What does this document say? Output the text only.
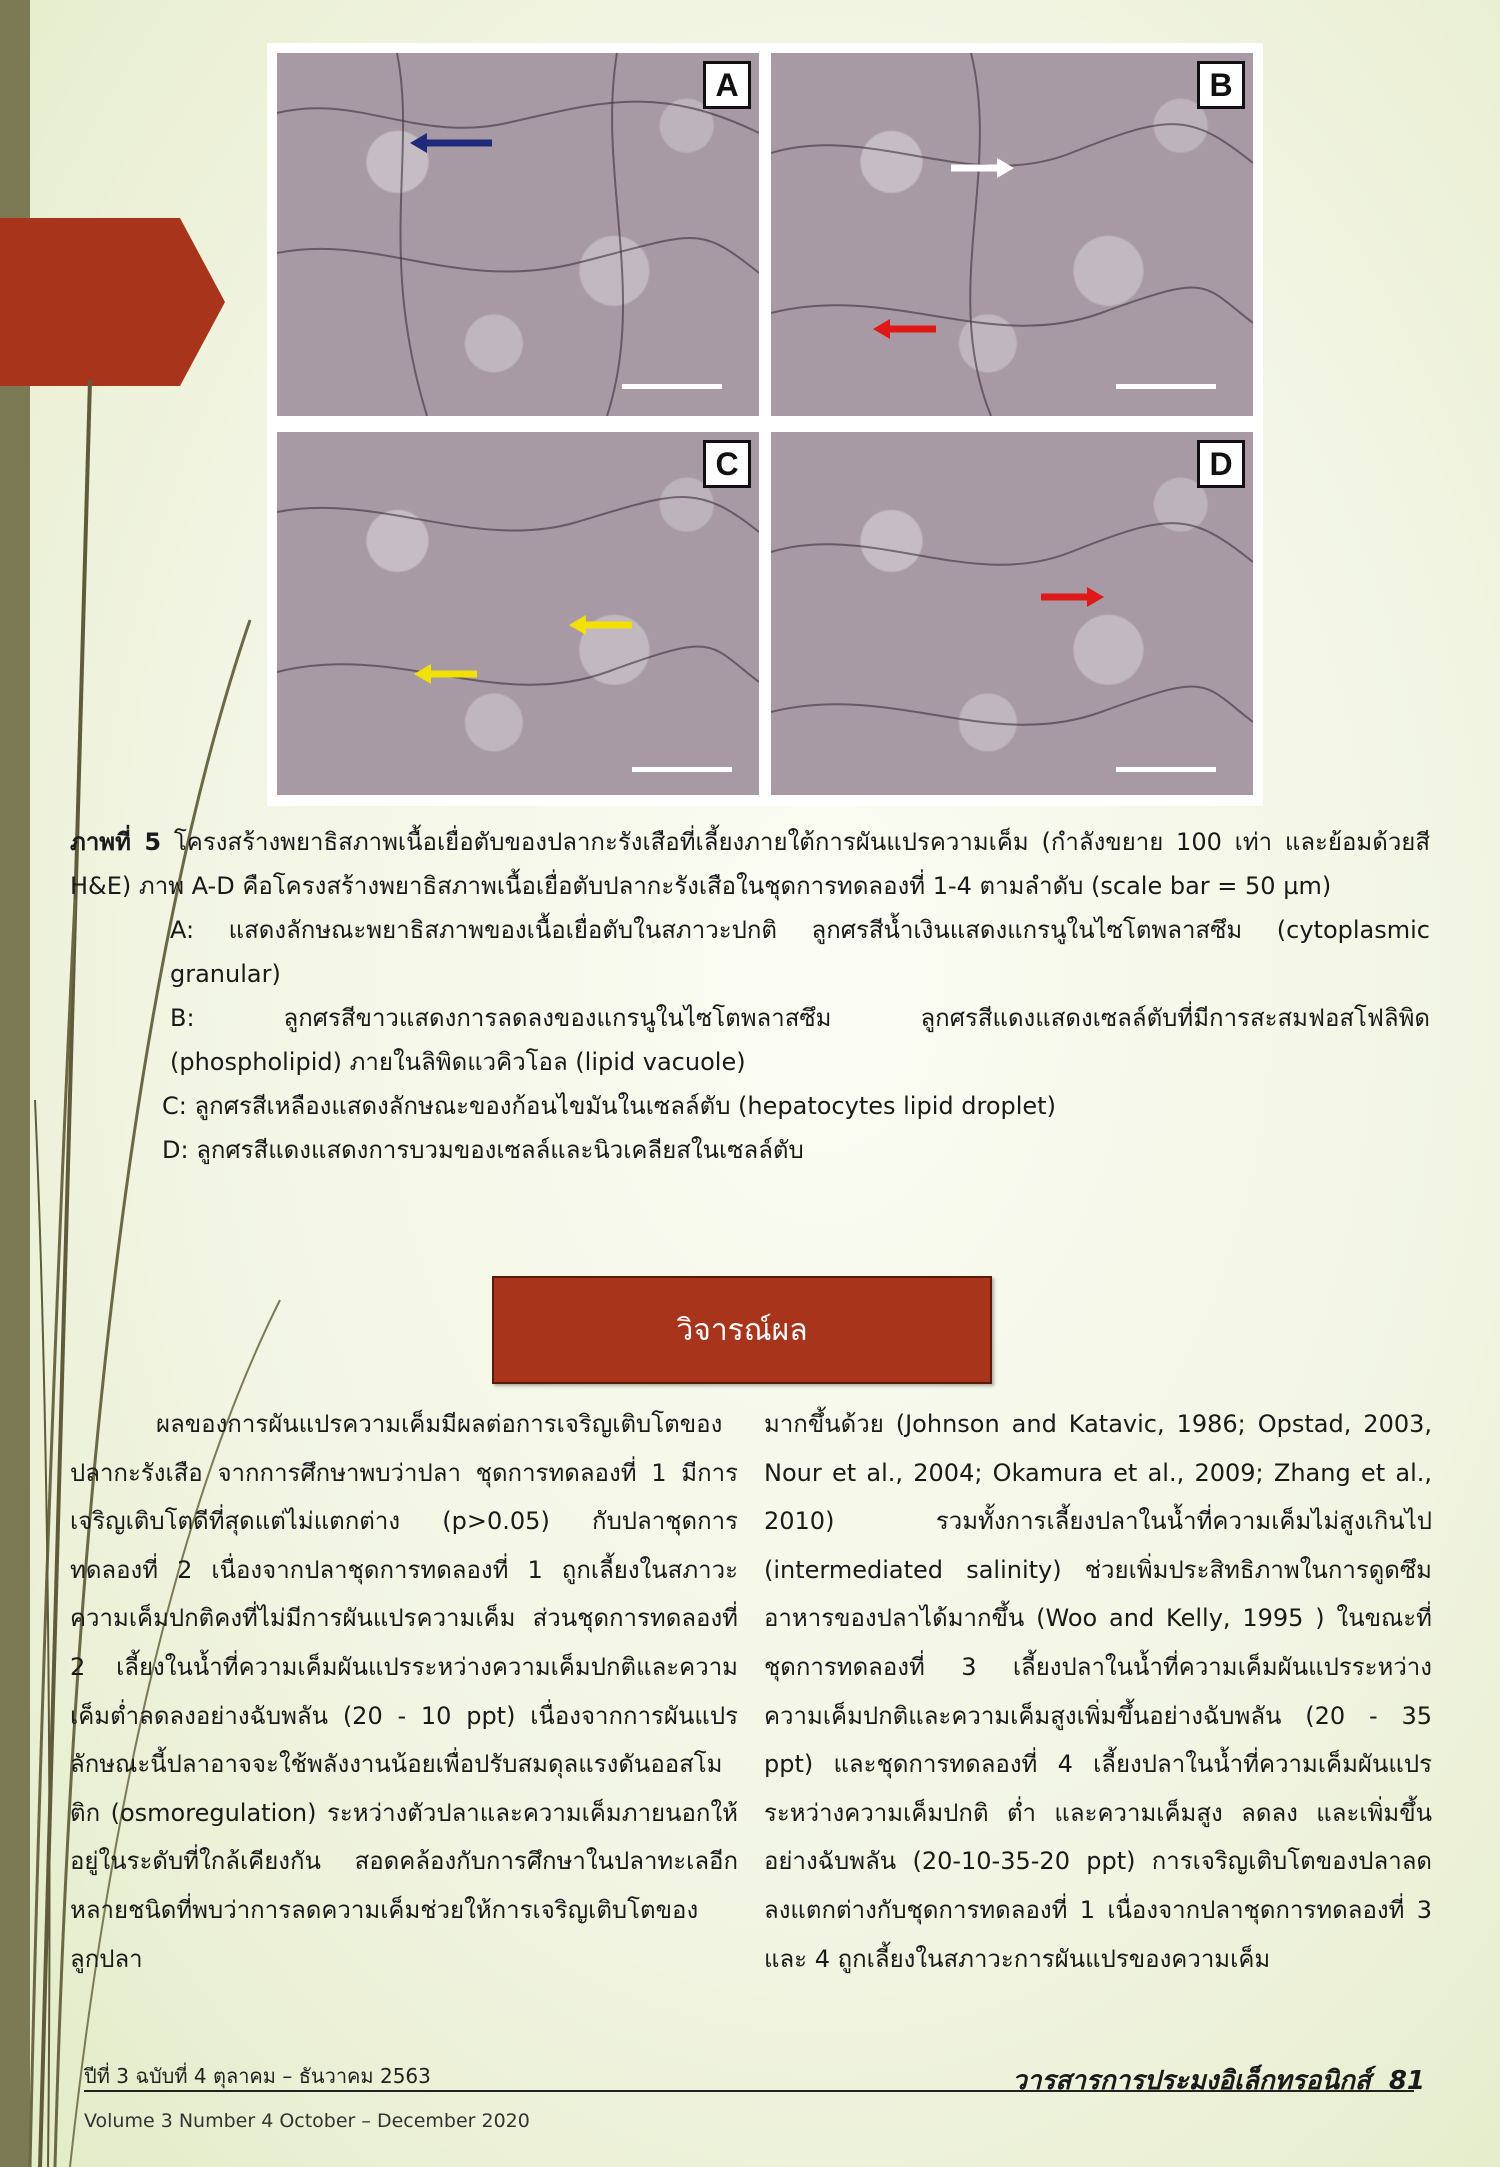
A	B
C	D

ภาพที่ 5 โครงสร้างพยาธิสภาพเนื้อเยื่อตับของปลากะรังเสือที่เลี้ยงภายใต้การผันแปรความเค็ม (กำลังขยาย 100 เท่า และย้อมด้วยสี H&E) ภาพ A-D คือโครงสร้างพยาธิสภาพเนื้อเยื่อตับปลากะรังเสือในชุดการทดลองที่ 1-4 ตามลำดับ (scale bar = 50 µm)

A: แสดงลักษณะพยาธิสภาพของเนื้อเยื่อตับในสภาวะปกติ ลูกศรสีน้ำเงินแสดงแกรนูในไซโตพลาสซึม (cytoplasmic granular)

B: ลูกศรสีขาวแสดงการลดลงของแกรนูในไซโตพลาสซึม ลูกศรสีแดงแสดงเซลล์ตับที่มีการสะสมฟอสโฟลิพิด (phospholipid) ภายในลิพิดแวคิวโอล (lipid vacuole)

C: ลูกศรสีเหลืองแสดงลักษณะของก้อนไขมันในเซลล์ตับ (hepatocytes lipid droplet)

D: ลูกศรสีแดงแสดงการบวมของเซลล์และนิวเคลียสในเซลล์ตับ

วิจารณ์ผล

ผลของการผันแปรความเค็มมีผลต่อการเจริญเติบโตของปลากะรังเสือ จากการศึกษาพบว่าปลา ชุดการทดลองที่ 1 มีการเจริญเติบโตดีที่สุดแต่ไม่แตกต่าง (p>0.05) กับปลาชุดการทดลองที่ 2 เนื่องจากปลาชุดการทดลองที่ 1 ถูกเลี้ยงในสภาวะความเค็มปกติคงที่ไม่มีการผันแปรความเค็ม ส่วนชุดการทดลองที่ 2 เลี้ยงในน้ำที่ความเค็มผันแปรระหว่างความเค็มปกติและความเค็มต่ำลดลงอย่างฉับพลัน (20 - 10 ppt) เนื่องจากการผันแปรลักษณะนี้ปลาอาจจะใช้พลังงานน้อยเพื่อปรับสมดุลแรงดันออสโมติก (osmoregulation) ระหว่างตัวปลาและความเค็มภายนอกให้อยู่ในระดับที่ใกล้เคียงกัน สอดคล้องกับการศึกษาในปลาทะเลอีกหลายชนิดที่พบว่าการลดความเค็มช่วยให้การเจริญเติบโตของลูกปลา

มากขึ้นด้วย (Johnson and Katavic, 1986; Opstad, 2003, Nour et al., 2004; Okamura et al., 2009; Zhang et al., 2010) รวมทั้งการเลี้ยงปลาในน้ำที่ความเค็มไม่สูงเกินไป (intermediated salinity) ช่วยเพิ่มประสิทธิภาพในการดูดซึมอาหารของปลาได้มากขึ้น (Woo and Kelly, 1995 ) ในขณะที่ชุดการทดลองที่ 3 เลี้ยงปลาในน้ำที่ความเค็มผันแปรระหว่างความเค็มปกติและความเค็มสูงเพิ่มขึ้นอย่างฉับพลัน (20 - 35 ppt) และชุดการทดลองที่ 4 เลี้ยงปลาในน้ำที่ความเค็มผันแปรระหว่างความเค็มปกติ ต่ำ และความเค็มสูง ลดลง และเพิ่มขึ้นอย่างฉับพลัน (20-10-35-20 ppt) การเจริญเติบโตของปลาลดลงแตกต่างกับชุดการทดลองที่ 1 เนื่องจากปลาชุดการทดลองที่ 3 และ 4 ถูกเลี้ยงในสภาวะการผันแปรของความเค็ม

ปีที่ 3 ฉบับที่ 4 ตุลาคม – ธันวาคม 2563
Volume 3 Number 4 October – December 2020
วารสารการประมงอิเล็กทรอนิกส์ 81
